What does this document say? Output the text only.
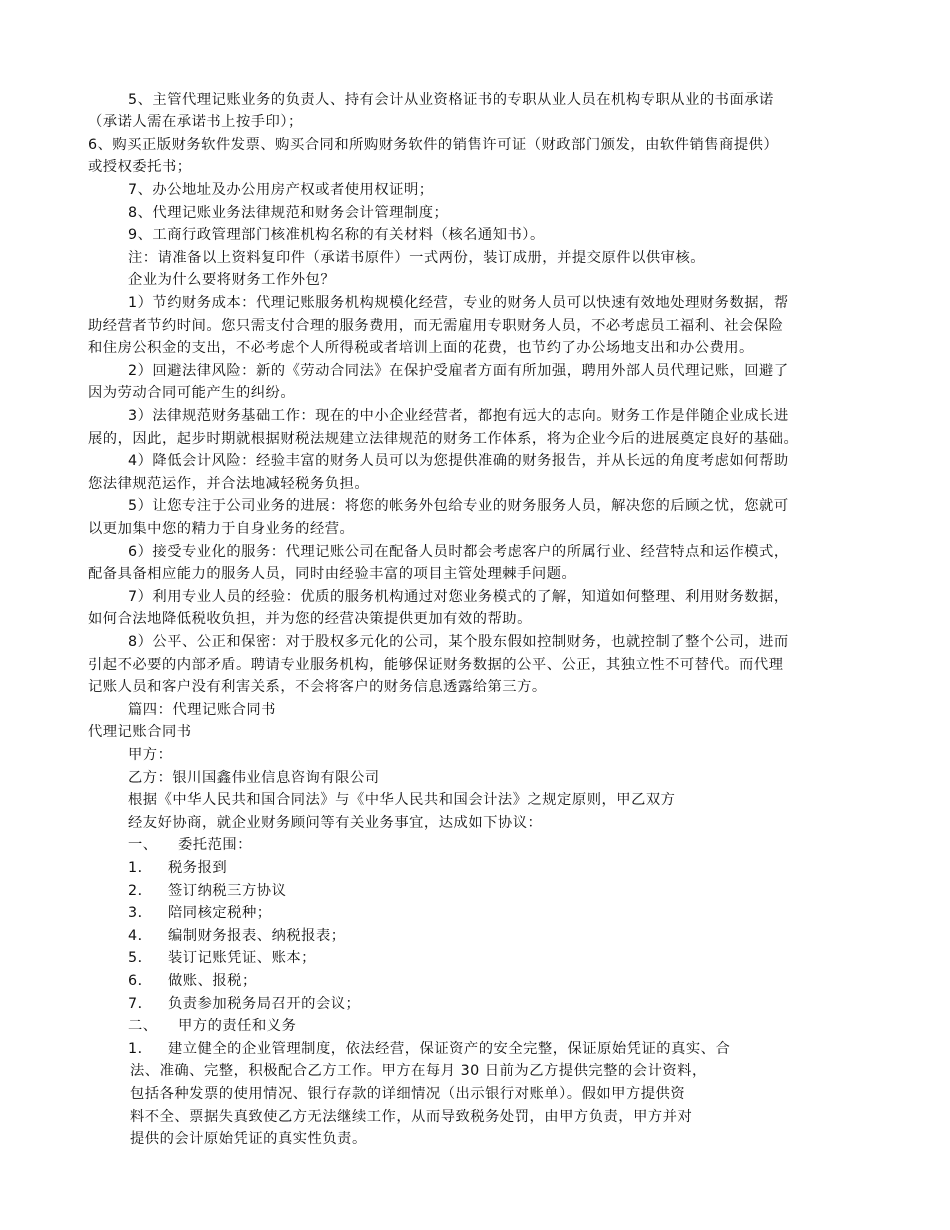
5、主管代理记账业务的负责人、持有会计从业资格证书的专职从业人员在机构专职从业的书面承诺
（承诺人需在承诺书上按手印）；
6、购买正版财务软件发票、购买合同和所购财务软件的销售许可证（财政部门颁发，由软件销售商提供）
或授权委托书；
7、办公地址及办公用房产权或者使用权证明；
8、代理记账业务法律规范和财务会计管理制度；
9、工商行政管理部门核准机构名称的有关材料（核名通知书）。
注：请准备以上资料复印件（承诺书原件）一式两份，装订成册，并提交原件以供审核。
企业为什么要将财务工作外包？
1）节约财务成本：代理记账服务机构规模化经营，专业的财务人员可以快速有效地处理财务数据，帮
助经营者节约时间。您只需支付合理的服务费用，而无需雇用专职财务人员，不必考虑员工福利、社会保险
和住房公积金的支出，不必考虑个人所得税或者培训上面的花费，也节约了办公场地支出和办公费用。
2）回避法律风险：新的《劳动合同法》在保护受雇者方面有所加强，聘用外部人员代理记账，回避了
因为劳动合同可能产生的纠纷。
3）法律规范财务基础工作：现在的中小企业经营者，都抱有远大的志向。财务工作是伴随企业成长进
展的，因此，起步时期就根据财税法规建立法律规范的财务工作体系，将为企业今后的进展奠定良好的基础。
4）降低会计风险：经验丰富的财务人员可以为您提供准确的财务报告，并从长远的角度考虑如何帮助
您法律规范运作，并合法地减轻税务负担。
5）让您专注于公司业务的进展：将您的帐务外包给专业的财务服务人员，解决您的后顾之忧，您就可
以更加集中您的精力于自身业务的经营。
6）接受专业化的服务：代理记账公司在配备人员时都会考虑客户的所属行业、经营特点和运作模式，
配备具备相应能力的服务人员，同时由经验丰富的项目主管处理棘手问题。
7）利用专业人员的经验：优质的服务机构通过对您业务模式的了解，知道如何整理、利用财务数据，
如何合法地降低税收负担，并为您的经营决策提供更加有效的帮助。
8）公平、公正和保密：对于股权多元化的公司，某个股东假如控制财务，也就控制了整个公司，进而
引起不必要的内部矛盾。聘请专业服务机构，能够保证财务数据的公平、公正，其独立性不可替代。而代理
记账人员和客户没有利害关系，不会将客户的财务信息透露给第三方。
篇四：代理记账合同书
代理记账合同书
甲方：
乙方：银川国鑫伟业信息咨询有限公司
根据《中华人民共和国合同法》与《中华人民共和国会计法》之规定原则，甲乙双方
经友好协商，就企业财务顾问等有关业务事宜，达成如下协议：
一、 委托范围：
1． 税务报到
2． 签订纳税三方协议
3． 陪同核定税种；
4． 编制财务报表、纳税报表；
5． 装订记账凭证、账本；
6． 做账、报税；
7． 负责参加税务局召开的会议；
二、 甲方的责任和义务
1． 建立健全的企业管理制度，依法经营，保证资产的安全完整，保证原始凭证的真实、合
法、准确、完整，积极配合乙方工作。甲方在每月 30 日前为乙方提供完整的会计资料，
包括各种发票的使用情况、银行存款的详细情况（出示银行对账单）。假如甲方提供资
料不全、票据失真致使乙方无法继续工作，从而导致税务处罚，由甲方负责，甲方并对
提供的会计原始凭证的真实性负责。
